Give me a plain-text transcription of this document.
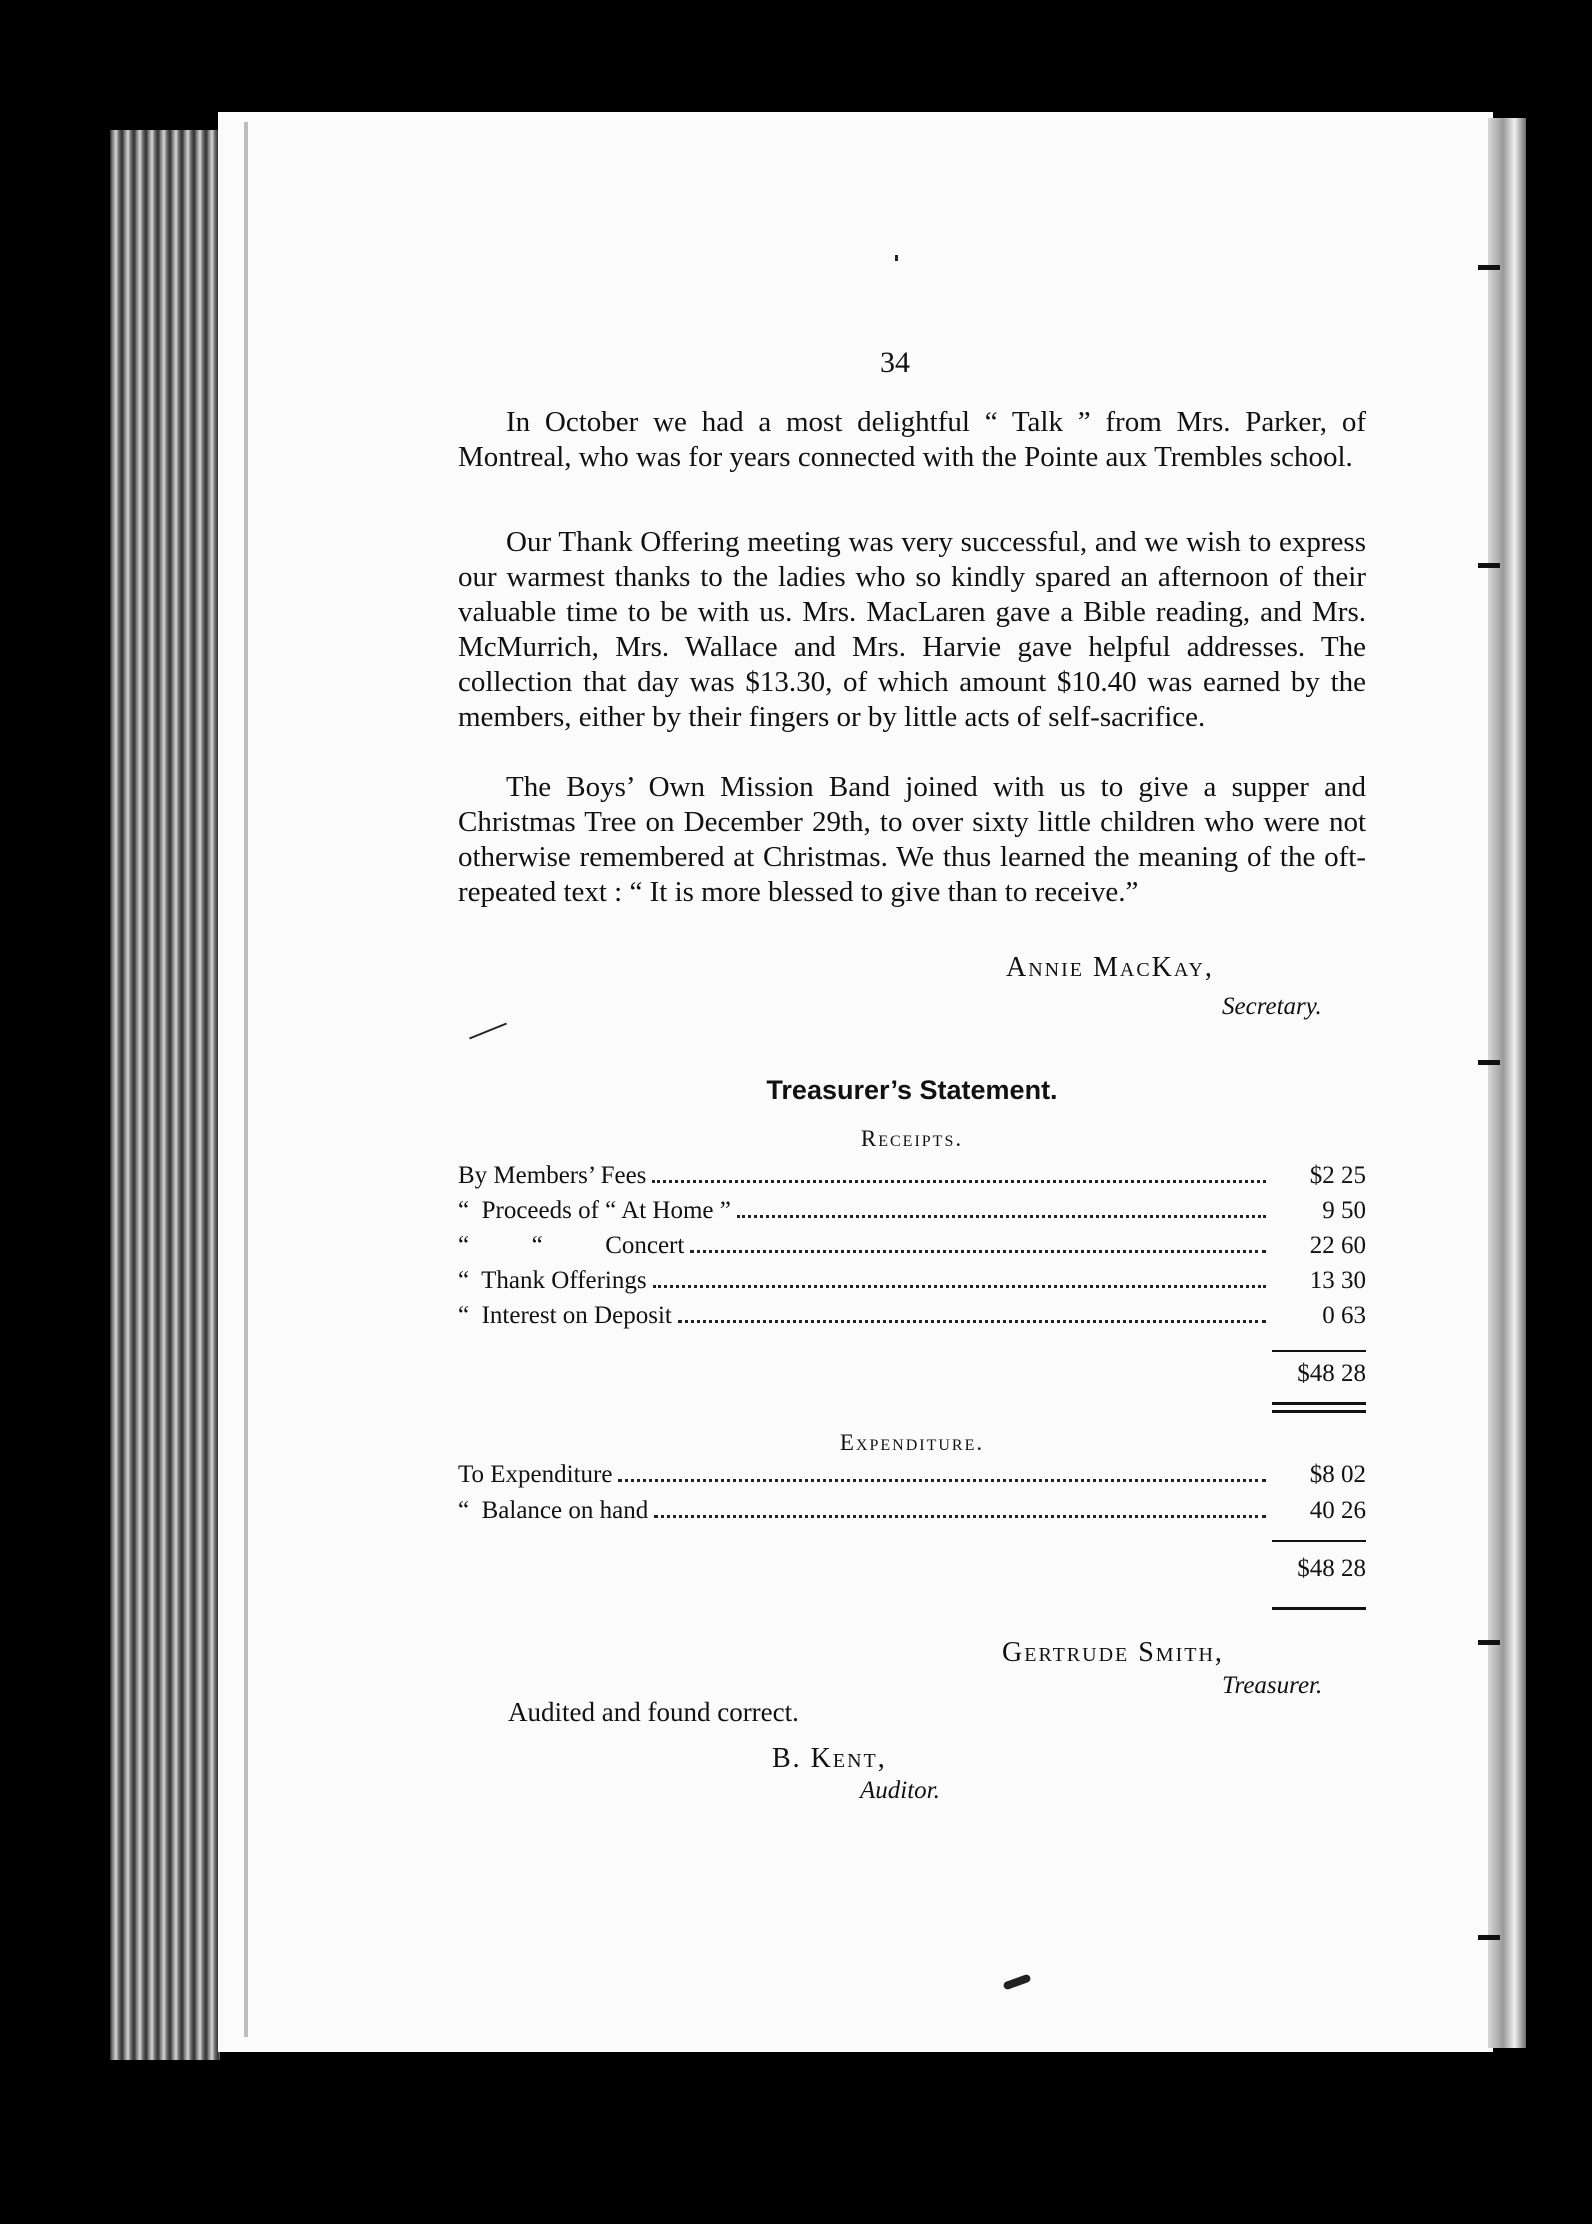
34

In October we had a most delightful “ Talk ” from Mrs. Parker, of Montreal, who was for years connected with the Pointe aux Trembles school.

Our Thank Offering meeting was very successful, and we wish to express our warmest thanks to the ladies who so kindly spared an afternoon of their valuable time to be with us. Mrs. MacLaren gave a Bible reading, and Mrs. McMurrich, Mrs. Wallace and Mrs. Harvie gave helpful addresses. The collection that day was $13.30, of which amount $10.40 was earned by the members, either by their fingers or by little acts of self-sacrifice.

The Boys’ Own Mission Band joined with us to give a supper and Christmas Tree on December 29th, to over sixty little children who were not otherwise remembered at Christmas. We thus learned the meaning of the oft-repeated text : “ It is more blessed to give than to receive.”

Annie MacKay,
Secretary.
Treasurer’s Statement.
Receipts.
By Members’ Fees	$2 25
“  Proceeds of “ At Home ”	9 50
“          “          Concert	22 60
“  Thank Offerings	13 30
“  Interest on Deposit	0 63
$48 28
Expenditure.
To Expenditure	$8 02
“  Balance on hand	40 26
$48 28
Gertrude Smith,
Treasurer.
Audited and found correct.
B. Kent,
Auditor.
